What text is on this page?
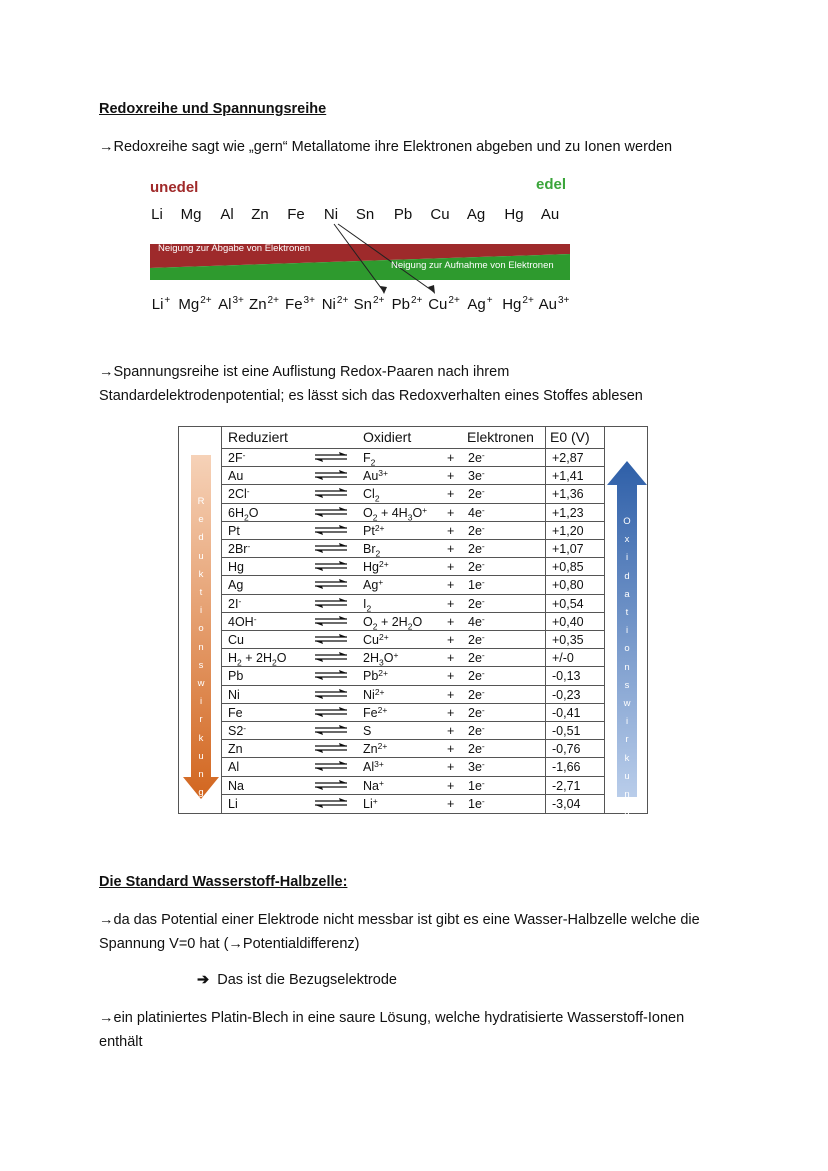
Redoxreihe und Spannungsreihe
→Redoxreihe sagt wie „gern“ Metallatome ihre Elektronen abgeben und zu Ionen werden
unedel	edel
Li Mg Al Zn Fe Ni Sn Pb Cu Ag Hg Au
Neigung zur Abgabe von Elektronen
Neigung zur Aufnahme von Elektronen
Li+ $Mg^{2+}$ $Al^{3+}$ $Zn^{2+}$ $Fe^{3+}$ $Ni^{2+}$ $Sn^{2+}$ $Pb^{2+}$ $Cu^{2+}$ Ag+ $Hg^{2+}$ $Au^{3+}$
→Spannungsreihe ist eine Auflistung Redox-Paaren nach ihrem
Standardelektrodenpotential; es lässt sich das Redoxverhalten eines Stoffes ablesen
R
e
d
u
k
t
i
o
n
s
w
i
r
k
u
n
g
O
x
i
d
a
t
i
o
n
s
w
i
r
k
u
n
g
Reduziert	Oxidiert	Elektronen E0 (V)
2F-	⇌ $F_2$	+ 2e-	+2,87
Au	⇌ $Au^{3+}$	+ 3e-	+1,41
2Cl-	⇌ $Cl_2$	+ 2e-	+1,36
$6H_2O$	⇌ $O_2 + 4H_3O^+ + 4e^-$	+1,23
Pt	⇌ $Pt^{2+}$	+ 2e-	+1,20
2Br-	⇌ $Br_2$	+ 2e-	+1,07
Hg	⇌ $Hg^{2+}$	+ 2e-	+0,85
Ag	⇌ Ag+	+ 1e-	+0,80
2I-	⇌ $I_2$	+ 2e-	+0,54
4OH-	⇌ $O_2 + 2H_2O + 4e^-$	+0,40
Cu	⇌ $Cu^{2+}$	+ 2e-	+0,35
$H_2 + 2H_2O$ ⇌ $2H_3O^+$	+ 2e-	+/-0
Pb	⇌ $Pb^{2+}$	+ 2e-	-0,13
Ni	⇌ $Ni^{2+}$	+ 2e-	-0,23
Fe	⇌ $Fe^{2+}$	+ 2e-	-0,41
S2-	⇌ S	+ 2e-	-0,51
Zn	⇌ $Zn^{2+}$	+ 2e-	-0,76
Al	⇌ $Al^{3+}$	+ 3e-	-1,66
Na	⇌ Na+	+ 1e-	-2,71
Li	⇌ Li+	+ 1e-	-3,04
Die Standard Wasserstoff-Halbzelle:
→da das Potential einer Elektrode nicht messbar ist gibt es eine Wasser-Halbzelle welche die
Spannung V=0 hat (→Potentialdifferenz)
➔ Das ist die Bezugselektrode
→ein platiniertes Platin-Blech in eine saure Lösung, welche hydratisierte Wasserstoff-Ionen
enthält
